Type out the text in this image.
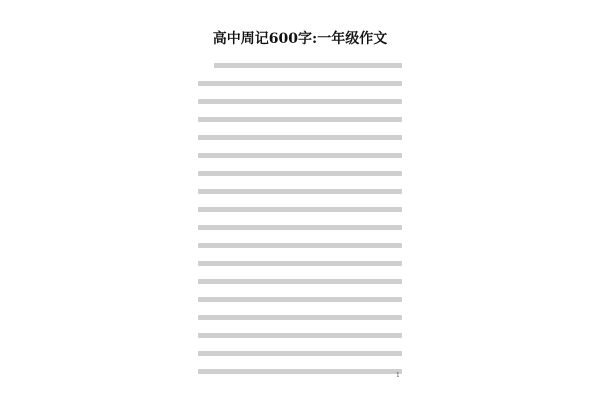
高中周记600字:一年级作文
1
